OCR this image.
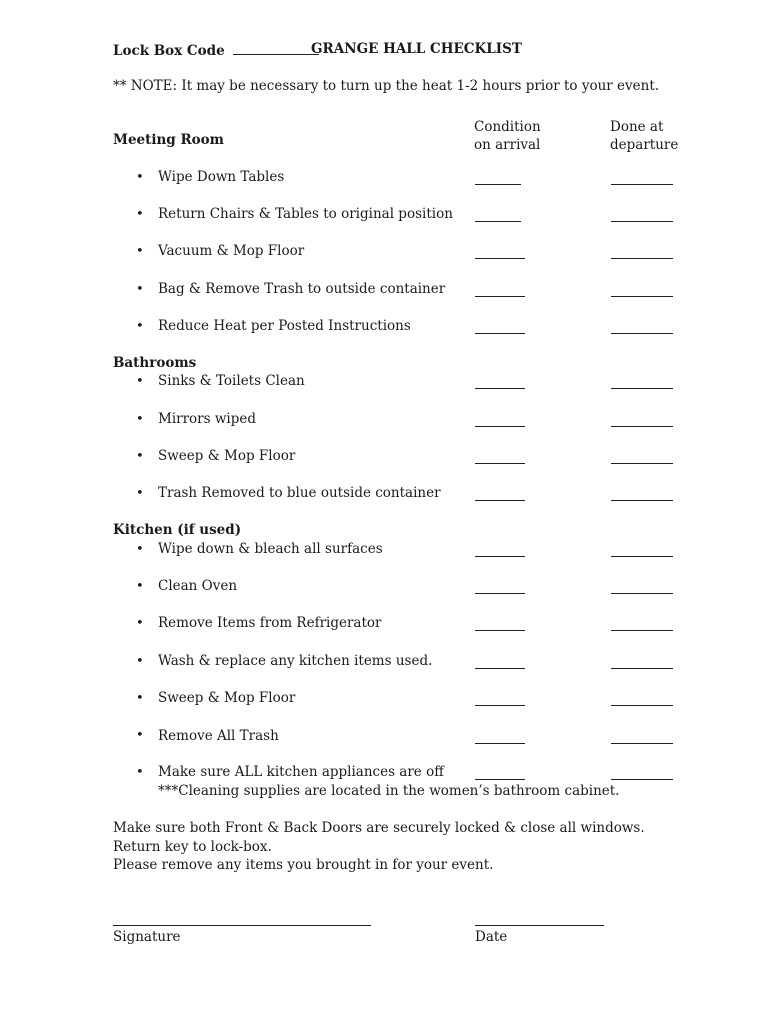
Lock Box Code	GRANGE HALL CHECKLIST
** NOTE: It may be necessary to turn up the heat 1-2 hours prior to your event.
Condition
on arrival
Done at
departure
Meeting Room
• Wipe Down Tables
• Return Chairs & Tables to original position
• Vacuum & Mop Floor
• Bag & Remove Trash to outside container
• Reduce Heat per Posted Instructions
Bathrooms
• Sinks & Toilets Clean
• Mirrors wiped
• Sweep & Mop Floor
• Trash Removed to blue outside container
Kitchen (if used)
• Wipe down & bleach all surfaces
• Clean Oven
• Remove Items from Refrigerator
• Wash & replace any kitchen items used.
• Sweep & Mop Floor
• Remove All Trash
• Make sure ALL kitchen appliances are off
***Cleaning supplies are located in the women’s bathroom cabinet.
Make sure both Front & Back Doors are securely locked & close all windows.
Return key to lock-box.
Please remove any items you brought in for your event.
Signature	Date
